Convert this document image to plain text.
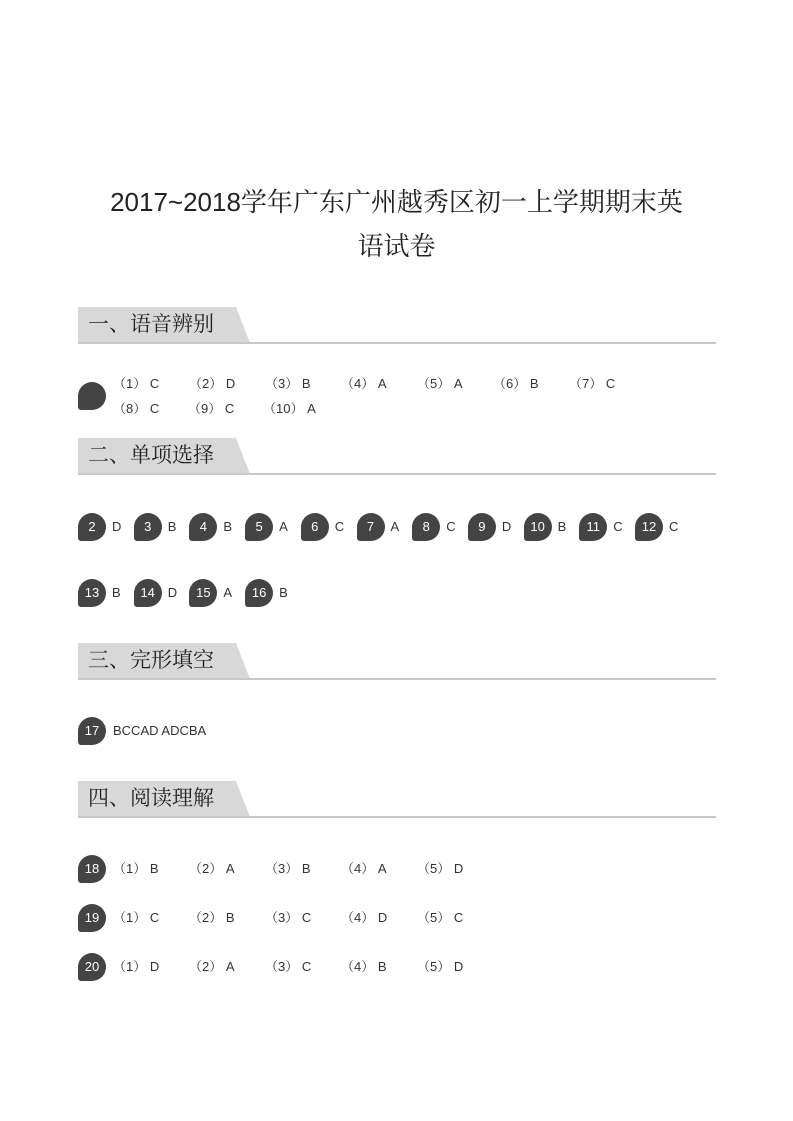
2017~2018学年广东广州越秀区初一上学期期末英
语试卷
一、语音辨别
（1） C （2） D （3） B （4） A （5） A （6） B （7） C
（8） C （9） C （10） A
二、单项选择
2	D	3	B	4	B	5	A	6	C	7	A	8	C	9	D	10 B	11	C	12 C
13 B	14 D	15 A	16 B
三、完形填空
17	BCCAD ADCBA
四、阅读理解
18	（1） B （2） A （3） B （4） A （5） D
19	（1） C （2） B （3） C （4） D （5） C
20	（1） D （2） A （3） C （4） B （5） D
